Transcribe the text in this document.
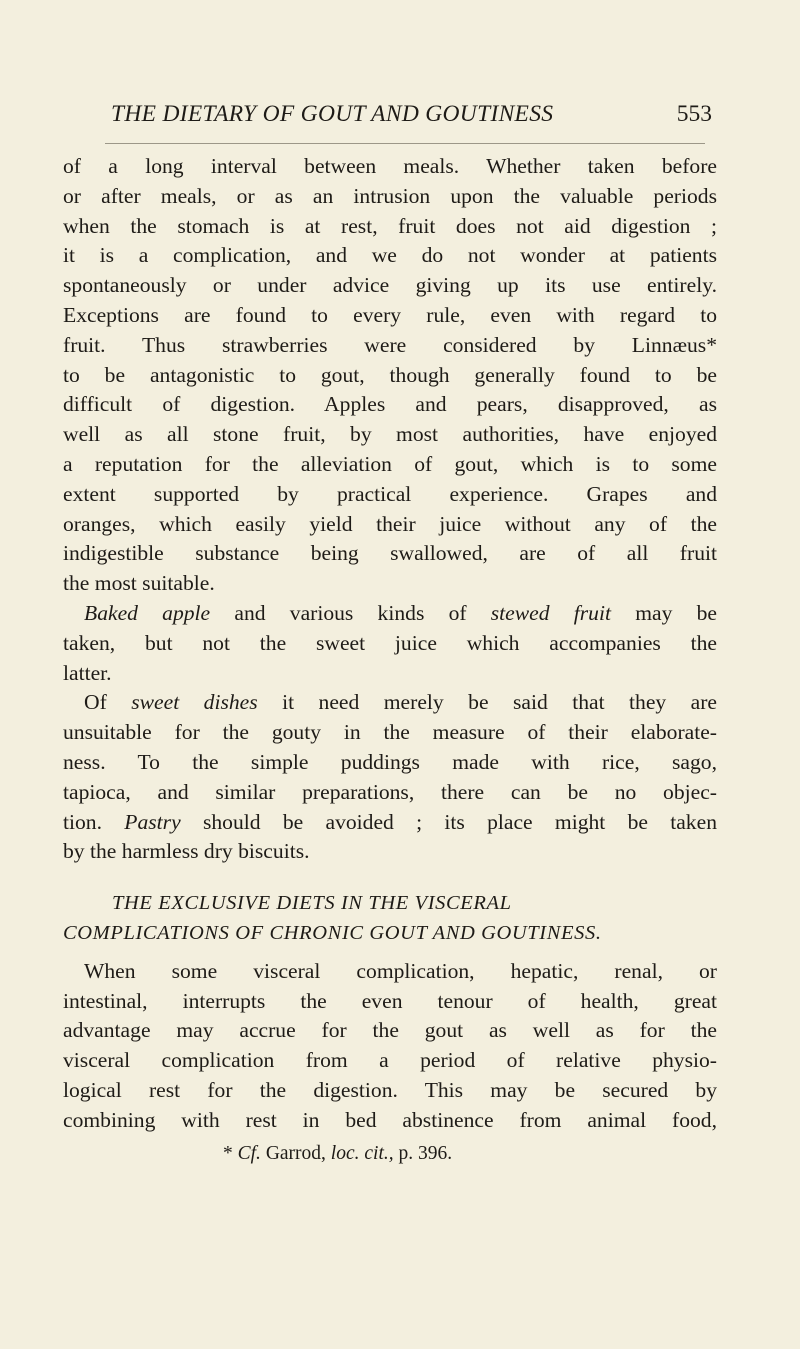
THE DIETARY OF GOUT AND GOUTINESS	553
of a long interval between meals. Whether taken before
or after meals, or as an intrusion upon the valuable periods
when the stomach is at rest, fruit does not aid digestion ;
it is a complication, and we do not wonder at patients
spontaneously or under advice giving up its use entirely.
Exceptions are found to every rule, even with regard to
fruit. Thus strawberries were considered by Linnæus*
to be antagonistic to gout, though generally found to be
difficult of digestion. Apples and pears, disapproved, as
well as all stone fruit, by most authorities, have enjoyed
a reputation for the alleviation of gout, which is to some
extent supported by practical experience. Grapes and
oranges, which easily yield their juice without any of the
indigestible substance being swallowed, are of all fruit
the most suitable.
Baked apple and various kinds of stewed fruit may be
taken, but not the sweet juice which accompanies the
latter.
Of sweet dishes it need merely be said that they are
unsuitable for the gouty in the measure of their elaborate-
ness. To the simple puddings made with rice, sago,
tapioca, and similar preparations, there can be no objec-
tion. Pastry should be avoided ; its place might be taken
by the harmless dry biscuits.
THE EXCLUSIVE DIETS IN THE VISCERAL
COMPLICATIONS OF CHRONIC GOUT AND GOUTINESS.
When some visceral complication, hepatic, renal, or
intestinal, interrupts the even tenour of health, great
advantage may accrue for the gout as well as for the
visceral complication from a period of relative physio-
logical rest for the digestion. This may be secured by
combining with rest in bed abstinence from animal food,
* Cf. Garrod, loc. cit., p. 396.
